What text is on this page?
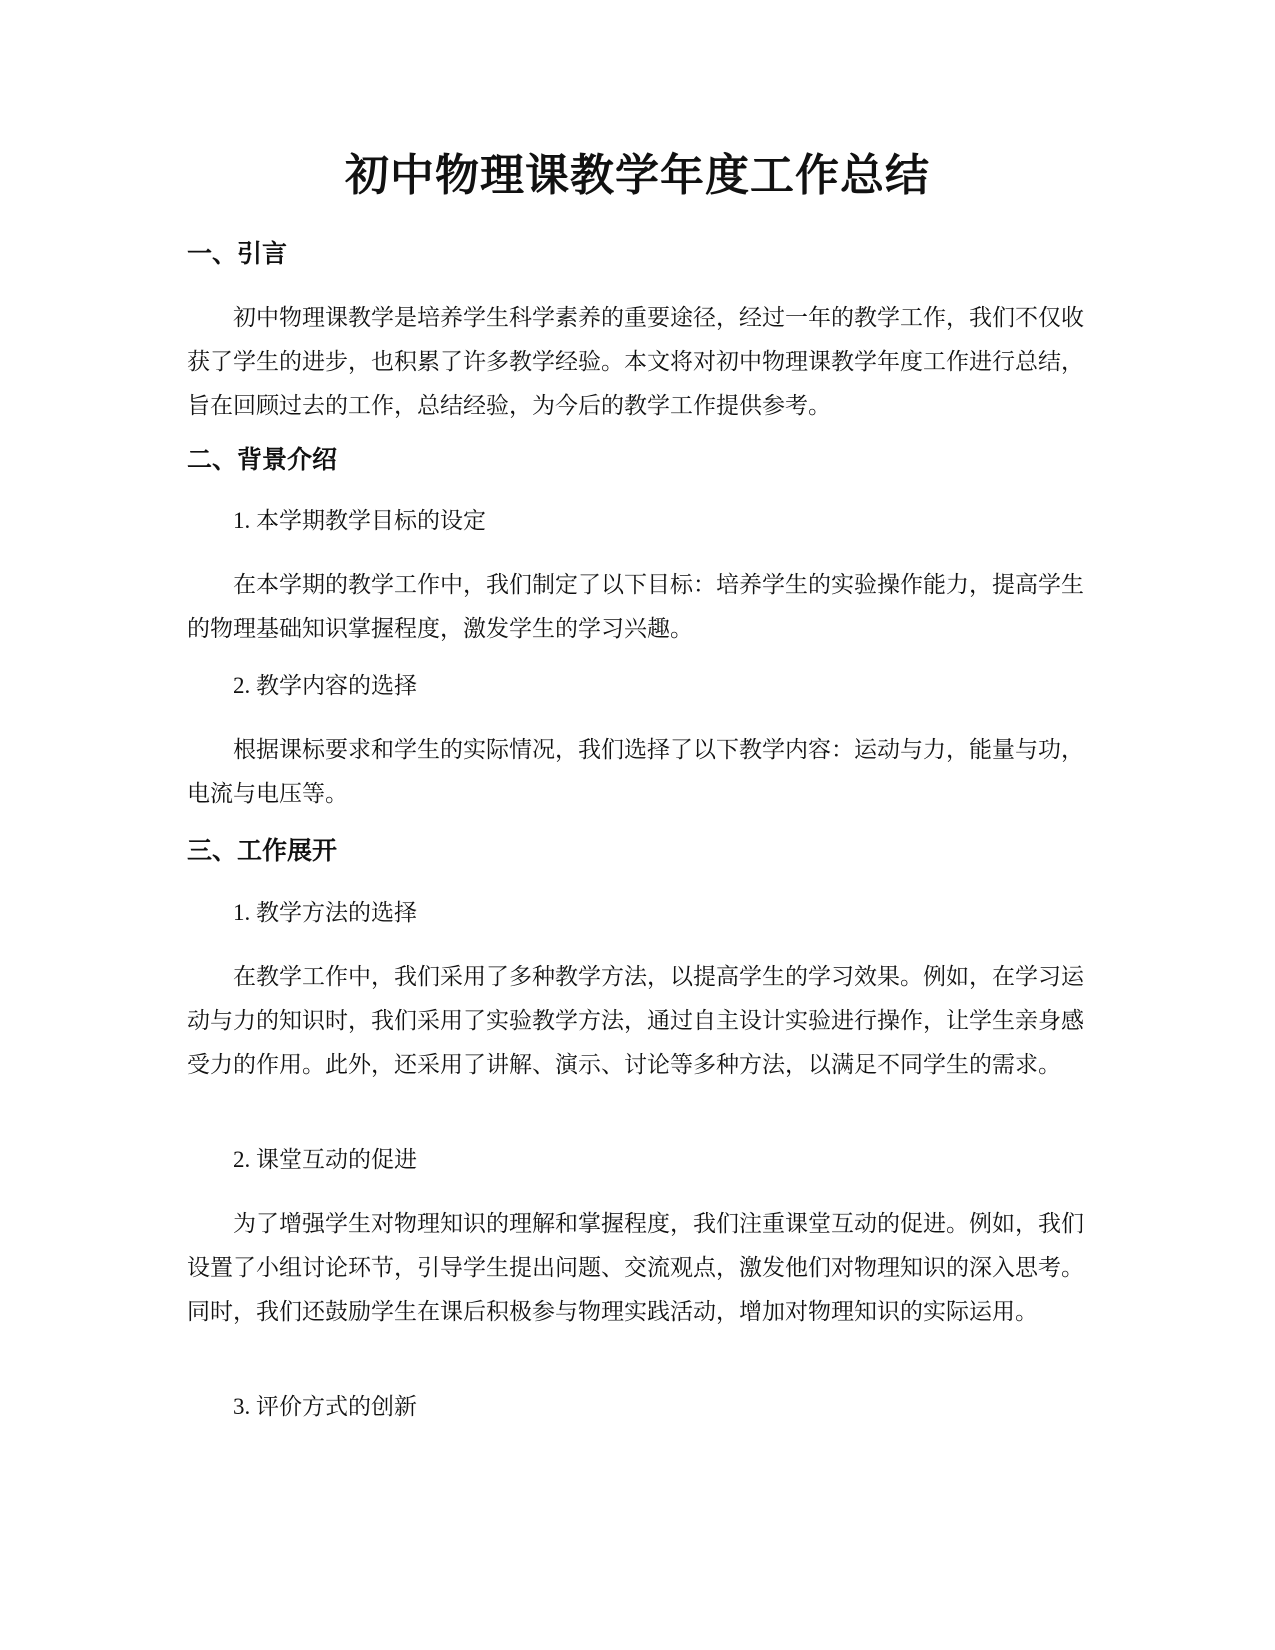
初中物理课教学年度工作总结
一、引言

初中物理课教学是培养学生科学素养的重要途径，经过一年的教学工作，我们不仅收获了学生的进步，也积累了许多教学经验。本文将对初中物理课教学年度工作进行总结，旨在回顾过去的工作，总结经验，为今后的教学工作提供参考。

二、背景介绍

1. 本学期教学目标的设定

在本学期的教学工作中，我们制定了以下目标：培养学生的实验操作能力，提高学生的物理基础知识掌握程度，激发学生的学习兴趣。

2. 教学内容的选择

根据课标要求和学生的实际情况，我们选择了以下教学内容：运动与力，能量与功，电流与电压等。

三、工作展开

1. 教学方法的选择

在教学工作中，我们采用了多种教学方法，以提高学生的学习效果。例如，在学习运动与力的知识时，我们采用了实验教学方法，通过自主设计实验进行操作，让学生亲身感受力的作用。此外，还采用了讲解、演示、讨论等多种方法，以满足不同学生的需求。

2. 课堂互动的促进

为了增强学生对物理知识的理解和掌握程度，我们注重课堂互动的促进。例如，我们设置了小组讨论环节，引导学生提出问题、交流观点，激发他们对物理知识的深入思考。同时，我们还鼓励学生在课后积极参与物理实践活动，增加对物理知识的实际运用。

3. 评价方式的创新
